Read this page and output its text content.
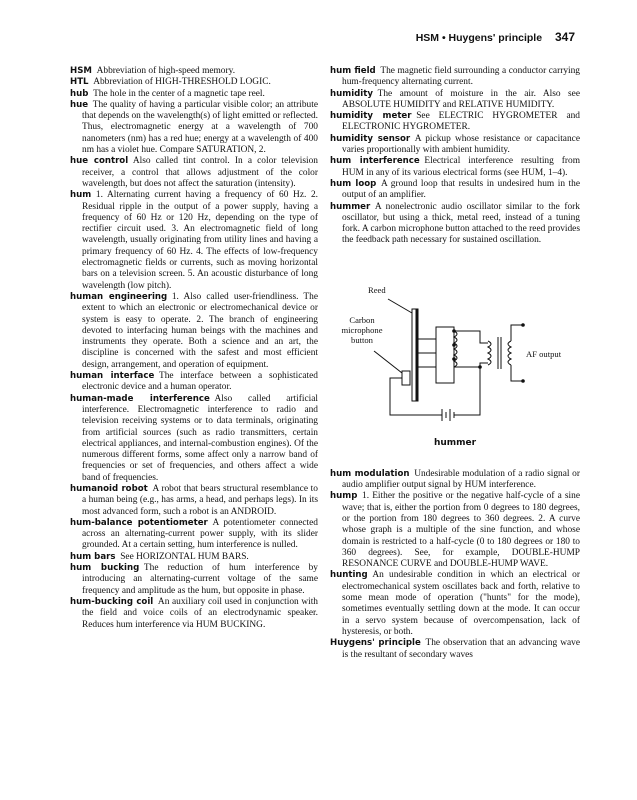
HSM • Huygens' principle 347

HSM  Abbreviation of high-speed memory.

HTL  Abbreviation of HIGH-THRESHOLD LOGIC.

hub  The hole in the center of a magnetic tape reel.

hue  The quality of having a particular visible color; an attribute that depends on the wavelength(s) of light emitted or reflected. Thus, electromagnetic energy at a wavelength of 700 nanometers (nm) has a red hue; energy at a wavelength of 400 nm has a violet hue. Compare SATURATION, 2.

hue control  Also called tint control. In a color television receiver, a control that allows adjustment of the color wavelength, but does not affect the saturation (intensity).

hum  1. Alternating current having a frequency of 60 Hz. 2. Residual ripple in the output of a power supply, having a frequency of 60 Hz or 120 Hz, depending on the type of rectifier circuit used. 3. An electromagnetic field of long wavelength, usually originating from utility lines and having a primary frequency of 60 Hz. 4. The effects of low-frequency electromagnetic fields or currents, such as moving horizontal bars on a television screen. 5. An acoustic disturbance of long wavelength (low pitch).

human engineering  1. Also called user-friendliness. The extent to which an electronic or electromechanical device or system is easy to operate. 2. The branch of engineering devoted to interfacing human beings with the machines and instruments they operate. Both a science and an art, the discipline is concerned with the safest and most efficient design, arrangement, and operation of equipment.

human interface  The interface between a sophisticated electronic device and a human operator.

human-made interference  Also called artificial interference. Electromagnetic interference to radio and television receiving systems or to data terminals, originating from artificial sources (such as radio transmitters, certain electrical appliances, and internal-combustion engines). Of the numerous different forms, some affect only a narrow band of frequencies or set of frequencies, and others affect a wide band of frequencies.

humanoid robot  A robot that bears structural resemblance to a human being (e.g., has arms, a head, and perhaps legs). In its most advanced form, such a robot is an ANDROID.

hum-balance potentiometer  A potentiometer connected across an alternating-current power supply, with its slider grounded. At a certain setting, hum interference is nulled.

hum bars  See HORIZONTAL HUM BARS.

hum bucking  The reduction of hum interference by introducing an alternating-current voltage of the same frequency and amplitude as the hum, but opposite in phase.

hum-bucking coil  An auxiliary coil used in conjunction with the field and voice coils of an electrodynamic speaker. Reduces hum interference via HUM BUCKING.

hum field  The magnetic field surrounding a conductor carrying hum-frequency alternating current.

humidity  The amount of moisture in the air. Also see ABSOLUTE HUMIDITY and RELATIVE HUMIDITY.

humidity meter  See ELECTRIC HYGROMETER and ELECTRONIC HYGROMETER.

humidity sensor  A pickup whose resistance or capacitance varies proportionally with ambient humidity.

hum interference  Electrical interference resulting from HUM in any of its various electrical forms (see HUM, 1–4).

hum loop  A ground loop that results in undesired hum in the output of an amplifier.

hummer  A nonelectronic audio oscillator similar to the fork oscillator, but using a thick, metal reed, instead of a tuning fork. A carbon microphone button attached to the reed provides the feedback path necessary for sustained oscillation.

Reed
Carbon
microphone
button
AF output
hummer

hum modulation  Undesirable modulation of a radio signal or audio amplifier output signal by HUM interference.

hump  1. Either the positive or the negative half-cycle of a sine wave; that is, either the portion from 0 degrees to 180 degrees, or the portion from 180 degrees to 360 degrees. 2. A curve whose graph is a multiple of the sine function, and whose domain is restricted to a half-cycle (0 to 180 degrees or 180 to 360 degrees). See, for example, DOUBLE-HUMP RESONANCE CURVE and DOUBLE-HUMP WAVE.

hunting  An undesirable condition in which an electrical or electromechanical system oscillates back and forth, relative to some mean mode of operation ("hunts" for the mode), sometimes eventually settling down at the mode. It can occur in a servo system because of overcompensation, lack of hysteresis, or both.

Huygens' principle  The observation that an advancing wave is the resultant of secondary waves
